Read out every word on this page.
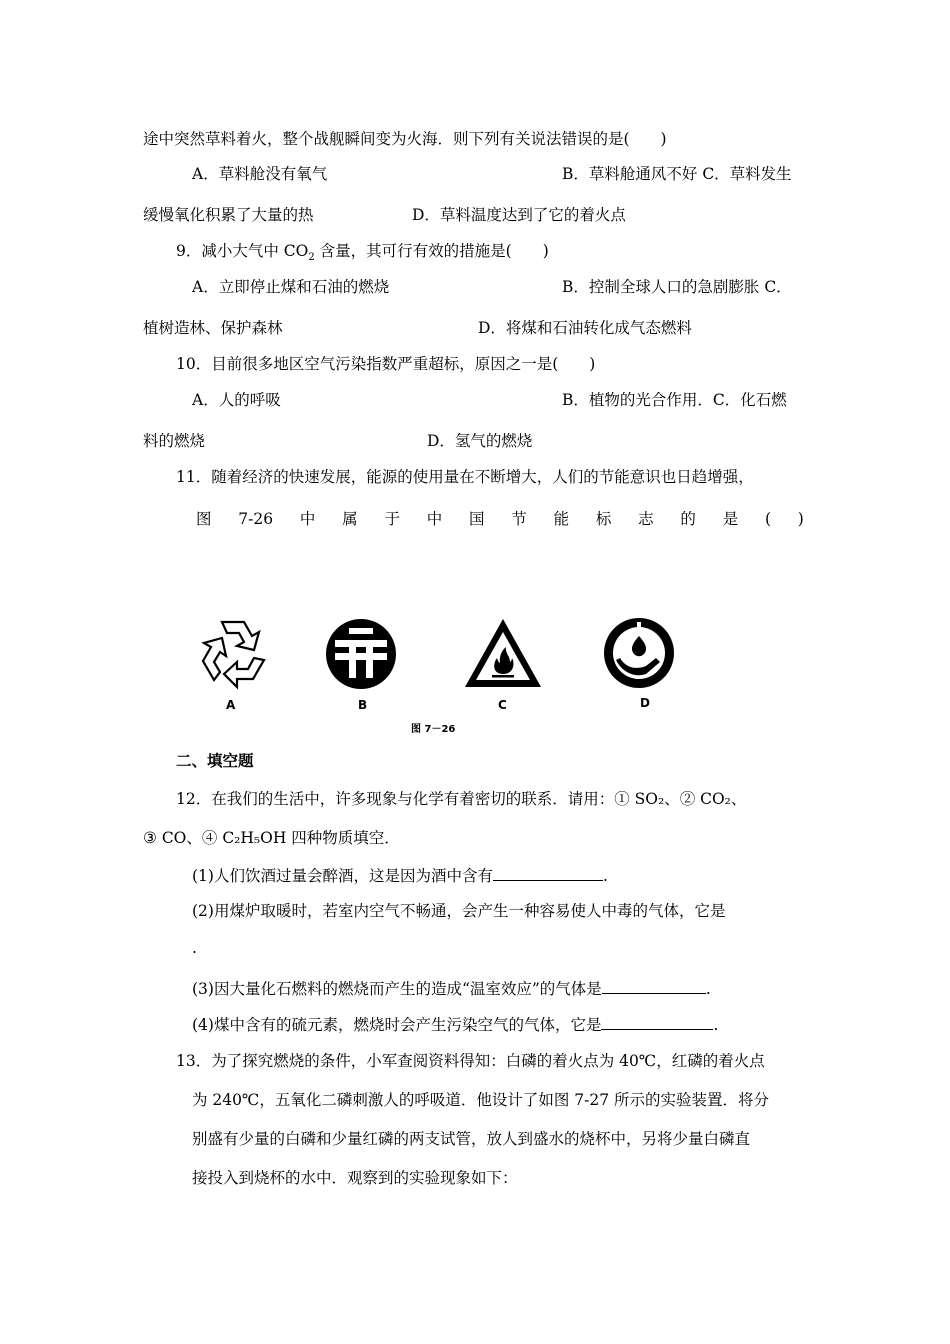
途中突然草料着火，整个战舰瞬间变为火海．则下列有关说法错误的是(　　)
A．草料舱没有氧气	B．草料舱通风不好 C．草料发生
缓慢氧化积累了大量的热	D．草料温度达到了它的着火点
9．减小大气中 $CO_2$ 含量，其可行有效的措施是(　　)
A．立即停止煤和石油的燃烧	B．控制全球人口的急剧膨胀 C．
植树造林、保护森林	D．将煤和石油转化成气态燃料
10．目前很多地区空气污染指数严重超标，原因之一是(　　)
A．人的呼吸	B．植物的光合作用．C．化石燃
料的燃烧	D．氢气的燃烧
11．随着经济的快速发展，能源的使用量在不断增大，人们的节能意识也日趋增强，
图 7-26 中 属 于 中 国 节 能 标 志 的 是 ( )
A	B	C	D
图 7－26
二、填空题
12．在我们的生活中，许多现象与化学有着密切的联系．请用：① SO₂、② CO₂、
③ CO、④ C₂H₅OH 四种物质填空．
(1)人们饮酒过量会醉酒，这是因为酒中含有	.
(2)用煤炉取暖时，若室内空气不畅通，会产生一种容易使人中毒的气体，它是
.
(3)因大量化石燃料的燃烧而产生的造成“温室效应”的气体是	.
(4)煤中含有的硫元素，燃烧时会产生污染空气的气体，它是	.
13．为了探究燃烧的条件，小军查阅资料得知：白磷的着火点为 40℃，红磷的着火点
为 240℃，五氧化二磷刺激人的呼吸道．他设计了如图 7-27 所示的实验装置．将分
别盛有少量的白磷和少量红磷的两支试管，放人到盛水的烧杯中，另将少量白磷直
接投入到烧杯的水中．观察到的实验现象如下：
